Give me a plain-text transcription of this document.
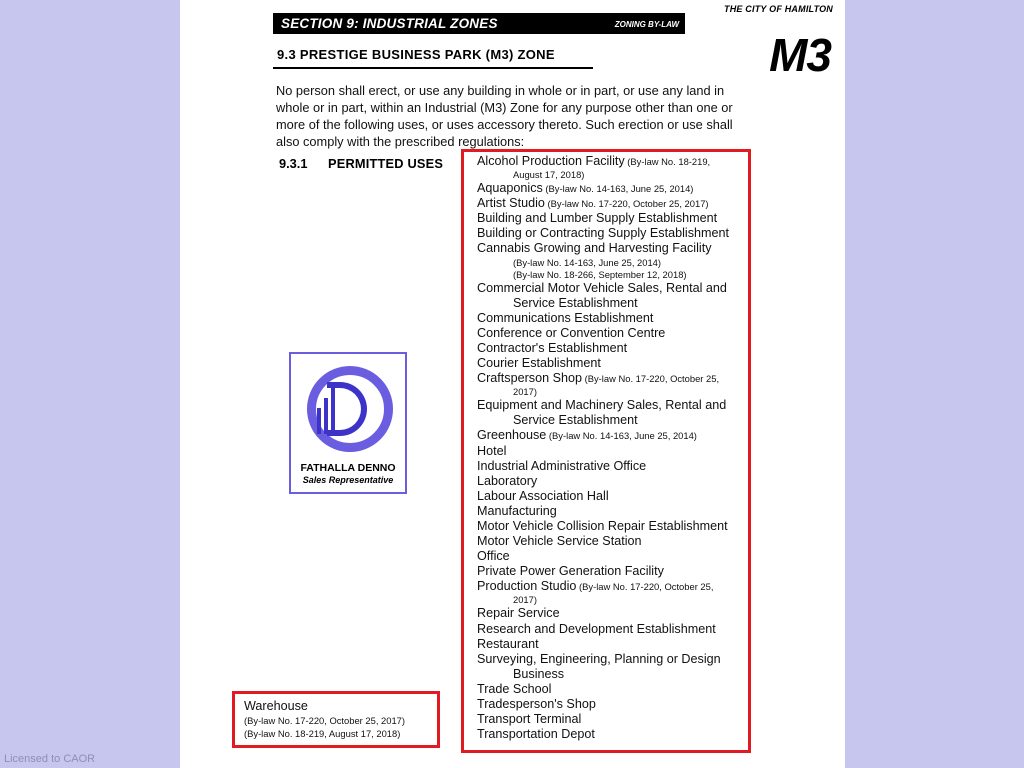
THE CITY OF HAMILTON
SECTION 9: INDUSTRIAL ZONES	ZONING BY-LAW
9.3 PRESTIGE BUSINESS PARK (M3) ZONE	M3
No person shall erect, or use any building in whole or in part, or use any land in whole or in part, within an Industrial (M3) Zone for any purpose other than one or more of the following uses, or uses accessory thereto. Such erection or use shall also comply with the prescribed regulations:
9.3.1 PERMITTED USES	Alcohol Production Facility (By-law No. 18-219,
August 17, 2018)
Aquaponics (By-law No. 14-163, June 25, 2014)
Artist Studio (By-law No. 17-220, October 25, 2017)
Building and Lumber Supply Establishment
Building or Contracting Supply Establishment
Cannabis Growing and Harvesting Facility
(By-law No. 14-163, June 25, 2014)
(By-law No. 18-266, September 12, 2018)
Commercial Motor Vehicle Sales, Rental and
Service Establishment
Communications Establishment
Conference or Convention Centre
Contractor's Establishment
Courier Establishment
Craftsperson Shop (By-law No. 17-220, October 25,
2017)
Equipment and Machinery Sales, Rental and
Service Establishment
Greenhouse (By-law No. 14-163, June 25, 2014)
Hotel
Industrial Administrative Office
Laboratory
Labour Association Hall
Manufacturing
Motor Vehicle Collision Repair Establishment
Motor Vehicle Service Station
Office
Private Power Generation Facility
Production Studio (By-law No. 17-220, October 25,
2017)
Repair Service
Research and Development Establishment
Restaurant
Surveying, Engineering, Planning or Design
Business
Trade School
Tradesperson's Shop
Transport Terminal
Transportation Depot
FATHALLA DENNO
Sales Representative
Warehouse
(By-law No. 17-220, October 25, 2017)
(By-law No. 18-219, August 17, 2018)
Licensed to CAOR
